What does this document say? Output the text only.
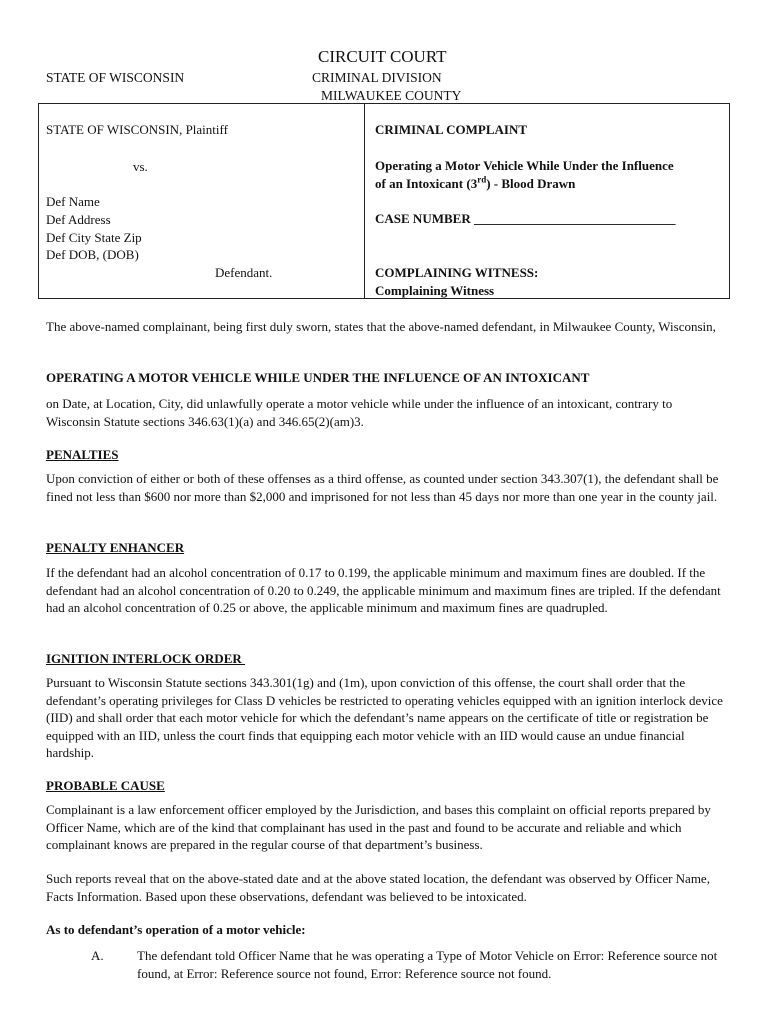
CIRCUIT COURT
STATE OF WISCONSIN	CRIMINAL DIVISION
MILWAUKEE COUNTY
STATE OF WISCONSIN, Plaintiff
vs.
Def Name
Def Address
Def City State Zip
Def DOB, (DOB)
Defendant.
CRIMINAL COMPLAINT
Operating a Motor Vehicle While Under the Influence
of an Intoxicant (3rd) - Blood Drawn
CASE NUMBER _______________________________
COMPLAINING WITNESS:
Complaining Witness
The above-named complainant, being first duly sworn, states that the above-named defendant, in Milwaukee County, Wisconsin,
OPERATING A MOTOR VEHICLE WHILE UNDER THE INFLUENCE OF AN INTOXICANT
on Date, at Location, City, did unlawfully operate a motor vehicle while under the influence of an intoxicant, contrary to Wisconsin Statute sections 346.63(1)(a) and 346.65(2)(am)3.
PENALTIES
Upon conviction of either or both of these offenses as a third offense, as counted under section 343.307(1), the defendant shall be fined not less than $600 nor more than $2,000 and imprisoned for not less than 45 days nor more than one year in the county jail.
PENALTY ENHANCER
If the defendant had an alcohol concentration of 0.17 to 0.199, the applicable minimum and maximum fines are doubled. If the defendant had an alcohol concentration of 0.20 to 0.249, the applicable minimum and maximum fines are tripled. If the defendant had an alcohol concentration of 0.25 or above, the applicable minimum and maximum fines are quadrupled.
IGNITION INTERLOCK ORDER
Pursuant to Wisconsin Statute sections 343.301(1g) and (1m), upon conviction of this offense, the court shall order that the defendant’s operating privileges for Class D vehicles be restricted to operating vehicles equipped with an ignition interlock device (IID) and shall order that each motor vehicle for which the defendant’s name appears on the certificate of title or registration be equipped with an IID, unless the court finds that equipping each motor vehicle with an IID would cause an undue financial hardship.
PROBABLE CAUSE
Complainant is a law enforcement officer employed by the Jurisdiction, and bases this complaint on official reports prepared by Officer Name, which are of the kind that complainant has used in the past and found to be accurate and reliable and which complainant knows are prepared in the regular course of that department’s business.
Such reports reveal that on the above-stated date and at the above stated location, the defendant was observed by Officer Name, Facts Information. Based upon these observations, defendant was believed to be intoxicated.
As to defendant’s operation of a motor vehicle:
A.	The defendant told Officer Name that he was operating a Type of Motor Vehicle on Error: Reference source not found, at Error: Reference source not found, Error: Reference source not found.
